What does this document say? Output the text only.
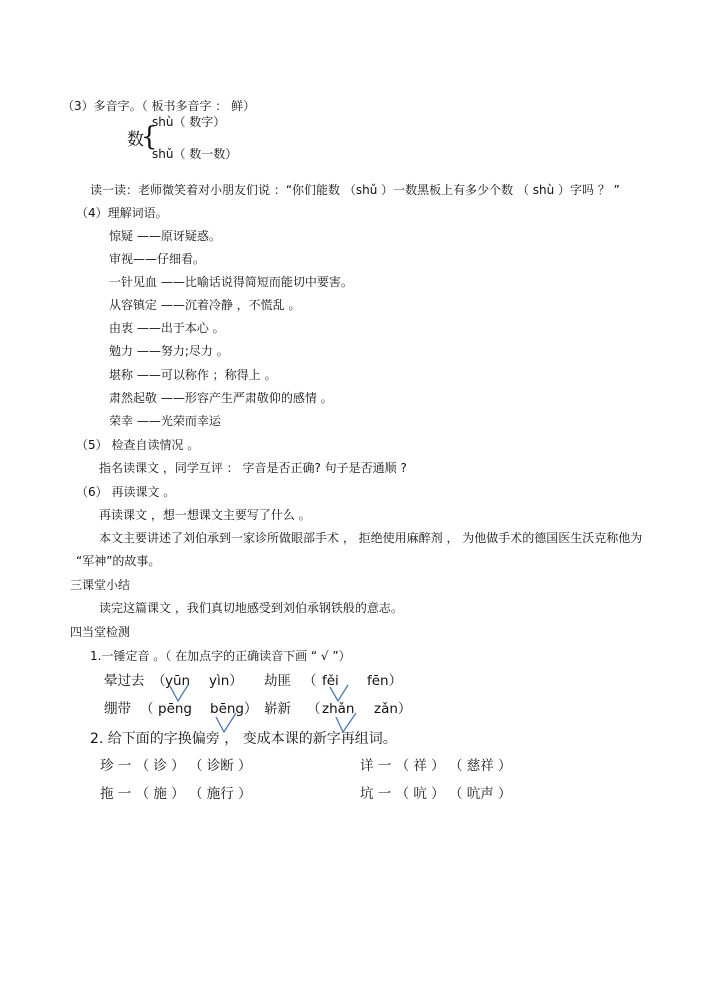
（3）多音字。（ 板书多音字 ： 鲜）
数
{
shù（ 数字）
shǔ（ 数一数）
读一读：老师微笑着对小朋友们说 ：“你们能数 （shǔ ）一数黑板上有多少个数 （ shù ）字吗 ？ ”
（4）理解词语。
惊疑 ——原讶疑惑。
审视——仔细看。
一针见血 ——比喻话说得简短而能切中要害。
从容镇定 ——沉着冷静 ，不慌乱 。
由衷 ——出于本心 。
勉力 ——努力;尽力 。
堪称 ——可以称作 ；称得上 。
肃然起敬 ——形容产生严肃敬仰的感情 。
荣幸 ——光荣而幸运
（5） 检查自读情况 。
指名读课文 ，同学互评 ： 字音是否正确? 句子是否通顺 ?
（6） 再读课文 。
再读课文 ，想一想课文主要写了什么 。
本文主要讲述了刘伯承到一家诊所做眼部手术 ， 拒绝使用麻醉剂 ， 为他做手术的德国医生沃克称他为
“军神”的故事。
三课堂小结
读完这篇课文 ，我们真切地感受到刘伯承钢铁般的意志。
四当堂检测
1.一锤定音 。（ 在加点字的正确读音下画 “ √ ”）
晕过去 （ yūn yìn） 劫匪 （ fěi fēn）
绷带 （ pēng bēng） 崭新 （ zhǎn zǎn）
2. 给下面的字换偏旁 ， 变成本课的新字再组词。
珍 一 （ 诊 ） （ 诊断 ）	详 一 （ 祥 ） （ 慈祥 ）
拖 一 （ 施 ） （ 施行 ）	坑 一 （ 吭 ） （ 吭声 ）
